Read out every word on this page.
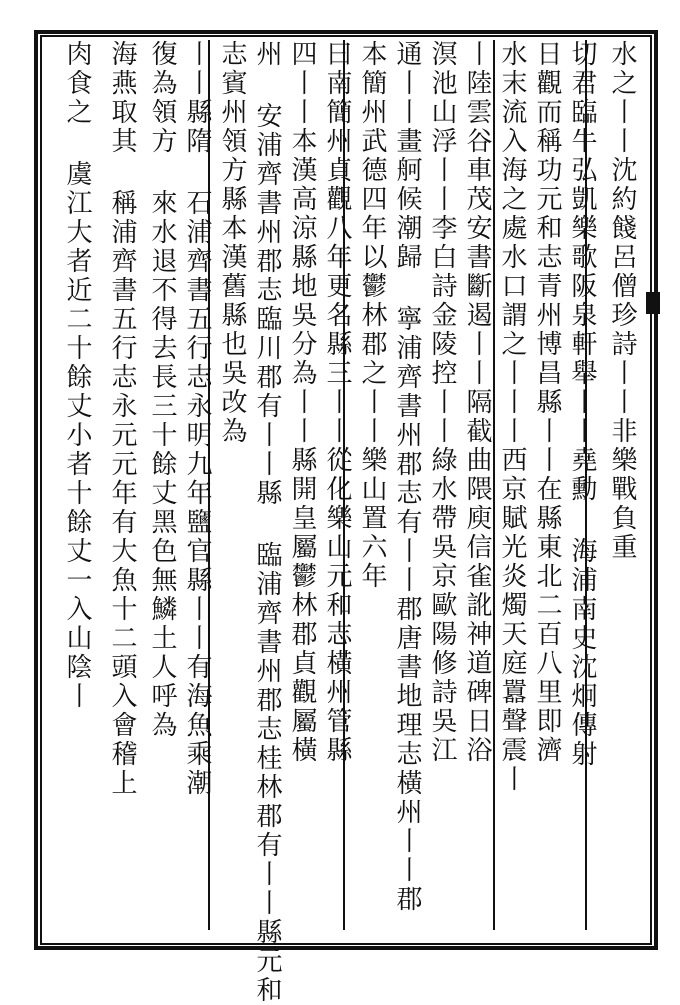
水之丨丨沈約餞呂僧珍詩丨丨非樂戰負重
切君臨牛弘凱樂歌阪泉軒舉丨丨堯勳 海浦南史沈炯傳射
日觀而稱功元和志青州博昌縣丨丨在縣東北二百八里即濟
水末流入海之處水口謂之丨丨丨西京賦光炎燭天庭囂聲震丨
丨陸雲谷車茂安書斷遏丨丨隔截曲隈庾信雀訛神道碑日浴
溟池山浮丨丨李白詩金陵控丨丨綠水帶吳京歐陽修詩吳江
通丨丨畫舸候潮歸 寧浦齊書州郡志有丨丨郡唐書地理志橫州丨丨郡
本簡州武德四年以鬱林郡之丨丨樂山置六年
曰南簡州貞觀八年更名縣三丨丨從化樂山元和志橫州管縣
四丨丨本漢高涼縣地吳分為丨丨縣開皇屬鬱林郡貞觀屬橫
州 安浦齊書州郡志臨川郡有丨丨縣 臨浦齊書州郡志桂林郡有丨丨縣元和
志賓州領方縣本漢舊縣也吳改為
丨丨縣隋 石浦齊書五行志永明九年鹽官縣丨丨有海魚乘潮
復為領方 來水退不得去長三十餘丈黑色無鱗土人呼為
海燕取其 稱浦齊書五行志永元元年有大魚十二頭入會稽上
肉食之 虞江大者近二十餘丈小者十餘丈一入山陰丨
